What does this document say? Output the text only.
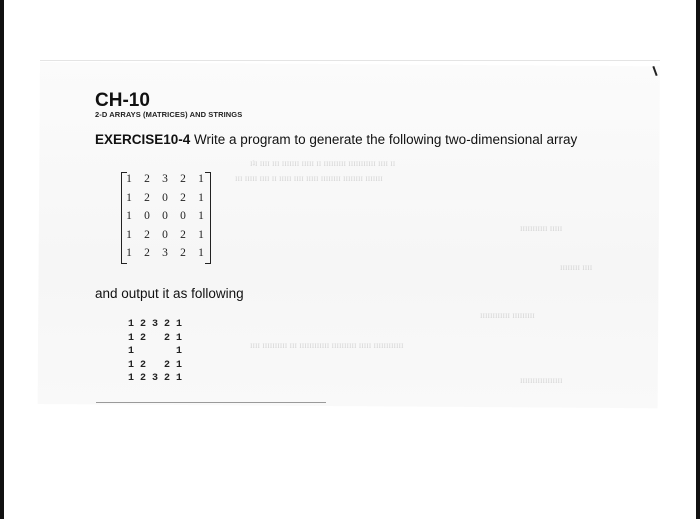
ɪʇɪ ɪɪɪɪ ɪɪɪ ɪɪɪɪɪɪɪ ɪɪɪɪɪ ɪɪ ɪɪɪɪɪɪɪɪɪ ɪɪɪɪɪɪɪɪɪɪɪ ɪɪɪɪ ɪɪ
ɪɪɪ ɪɪɪɪɪ ɪɪɪɪ ɪɪ ɪɪɪɪɪ ɪɪɪɪ ɪɪɪɪɪ ɪɪɪɪɪɪɪɪ ɪɪɪɪɪɪɪɪ ɪɪɪɪɪɪɪ
ɪɪɪɪɪɪɪɪɪɪɪ ɪɪɪɪɪ
ɪɪɪɪɪɪɪɪ ɪɪɪɪ
ɪɪɪɪɪɪɪɪɪɪɪɪ ɪɪɪɪɪɪɪɪɪ
ɪɪɪɪ ɪɪɪɪɪɪɪɪɪɪ ɪɪɪ ɪɪɪɪɪɪɪɪɪɪɪɪ ɪɪɪɪɪɪɪɪɪɪ ɪɪɪɪɪ ɪɪɪɪɪɪɪɪɪɪɪɪ
ɪɪɪɪɪɪɪɪɪɪɪɪɪɪɪɪɪ
CH-10
2-D ARRAYS (MATRICES) AND STRINGS
EXERCISE10-4 Write a program to generate the following two-dimensional array
1	2	3	2	1
1	2	0	2	1
1	0	0	0	1
1	2	0	2	1
1	2	3	2	1
and output it as following
1 2 3 2 1
1 2   2 1
1       1
1 2   2 1
1 2 3 2 1
